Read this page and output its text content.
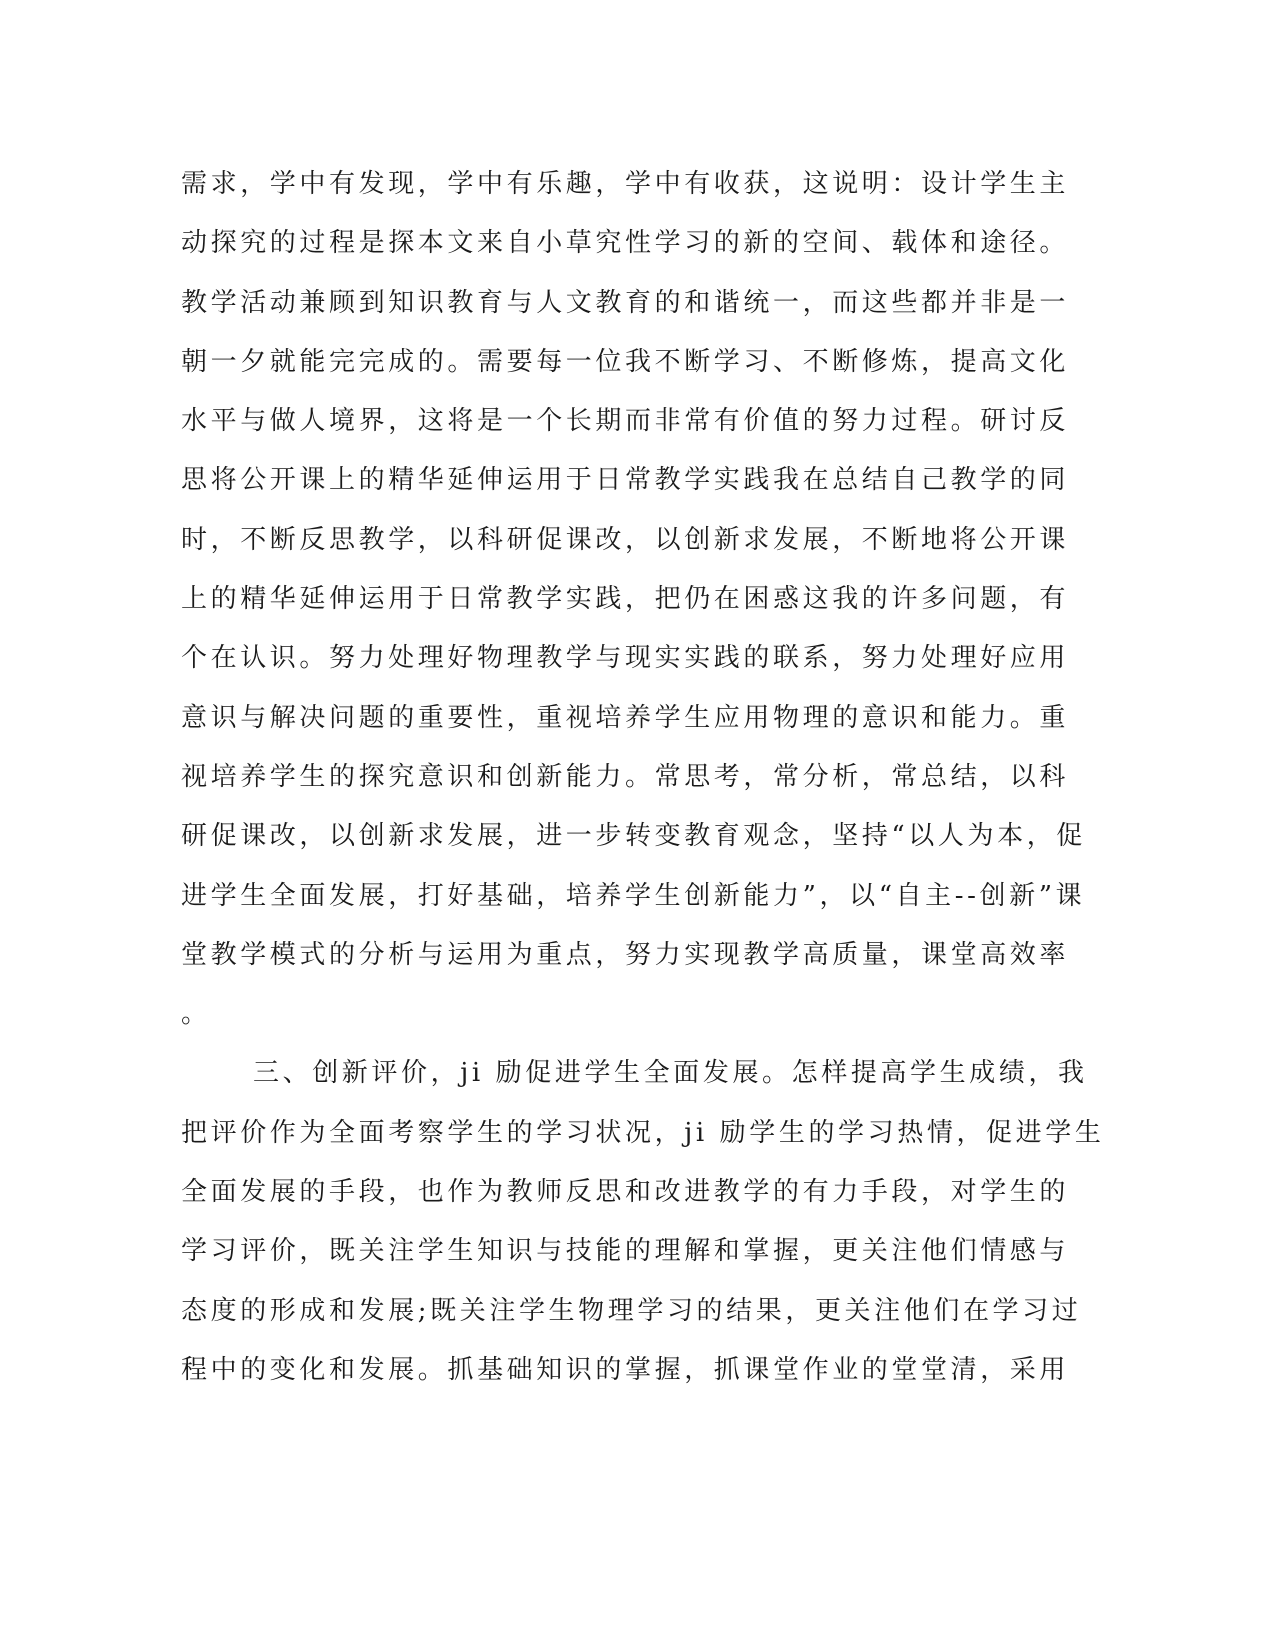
需求，学中有发现，学中有乐趣，学中有收获，这说明：设计学生主
动探究的过程是探本文来自小草究性学习的新的空间、载体和途径。
教学活动兼顾到知识教育与人文教育的和谐统一，而这些都并非是一
朝一夕就能完完成的。需要每一位我不断学习、不断修炼，提高文化
水平与做人境界，这将是一个长期而非常有价值的努力过程。研讨反
思将公开课上的精华延伸运用于日常教学实践我在总结自己教学的同
时，不断反思教学，以科研促课改，以创新求发展，不断地将公开课
上的精华延伸运用于日常教学实践，把仍在困惑这我的许多问题，有
个在认识。努力处理好物理教学与现实实践的联系，努力处理好应用
意识与解决问题的重要性，重视培养学生应用物理的意识和能力。重
视培养学生的探究意识和创新能力。常思考，常分析，常总结，以科
研促课改，以创新求发展，进一步转变教育观念，坚持“以人为本，促
进学生全面发展，打好基础，培养学生创新能力”，以“自主--创新”课
堂教学模式的分析与运用为重点，努力实现教学高质量，课堂高效率
。
三、创新评价，ji 励促进学生全面发展。怎样提高学生成绩，我
把评价作为全面考察学生的学习状况，ji 励学生的学习热情，促进学生
全面发展的手段，也作为教师反思和改进教学的有力手段，对学生的
学习评价，既关注学生知识与技能的理解和掌握，更关注他们情感与
态度的形成和发展;既关注学生物理学习的结果，更关注他们在学习过
程中的变化和发展。抓基础知识的掌握，抓课堂作业的堂堂清，采用
